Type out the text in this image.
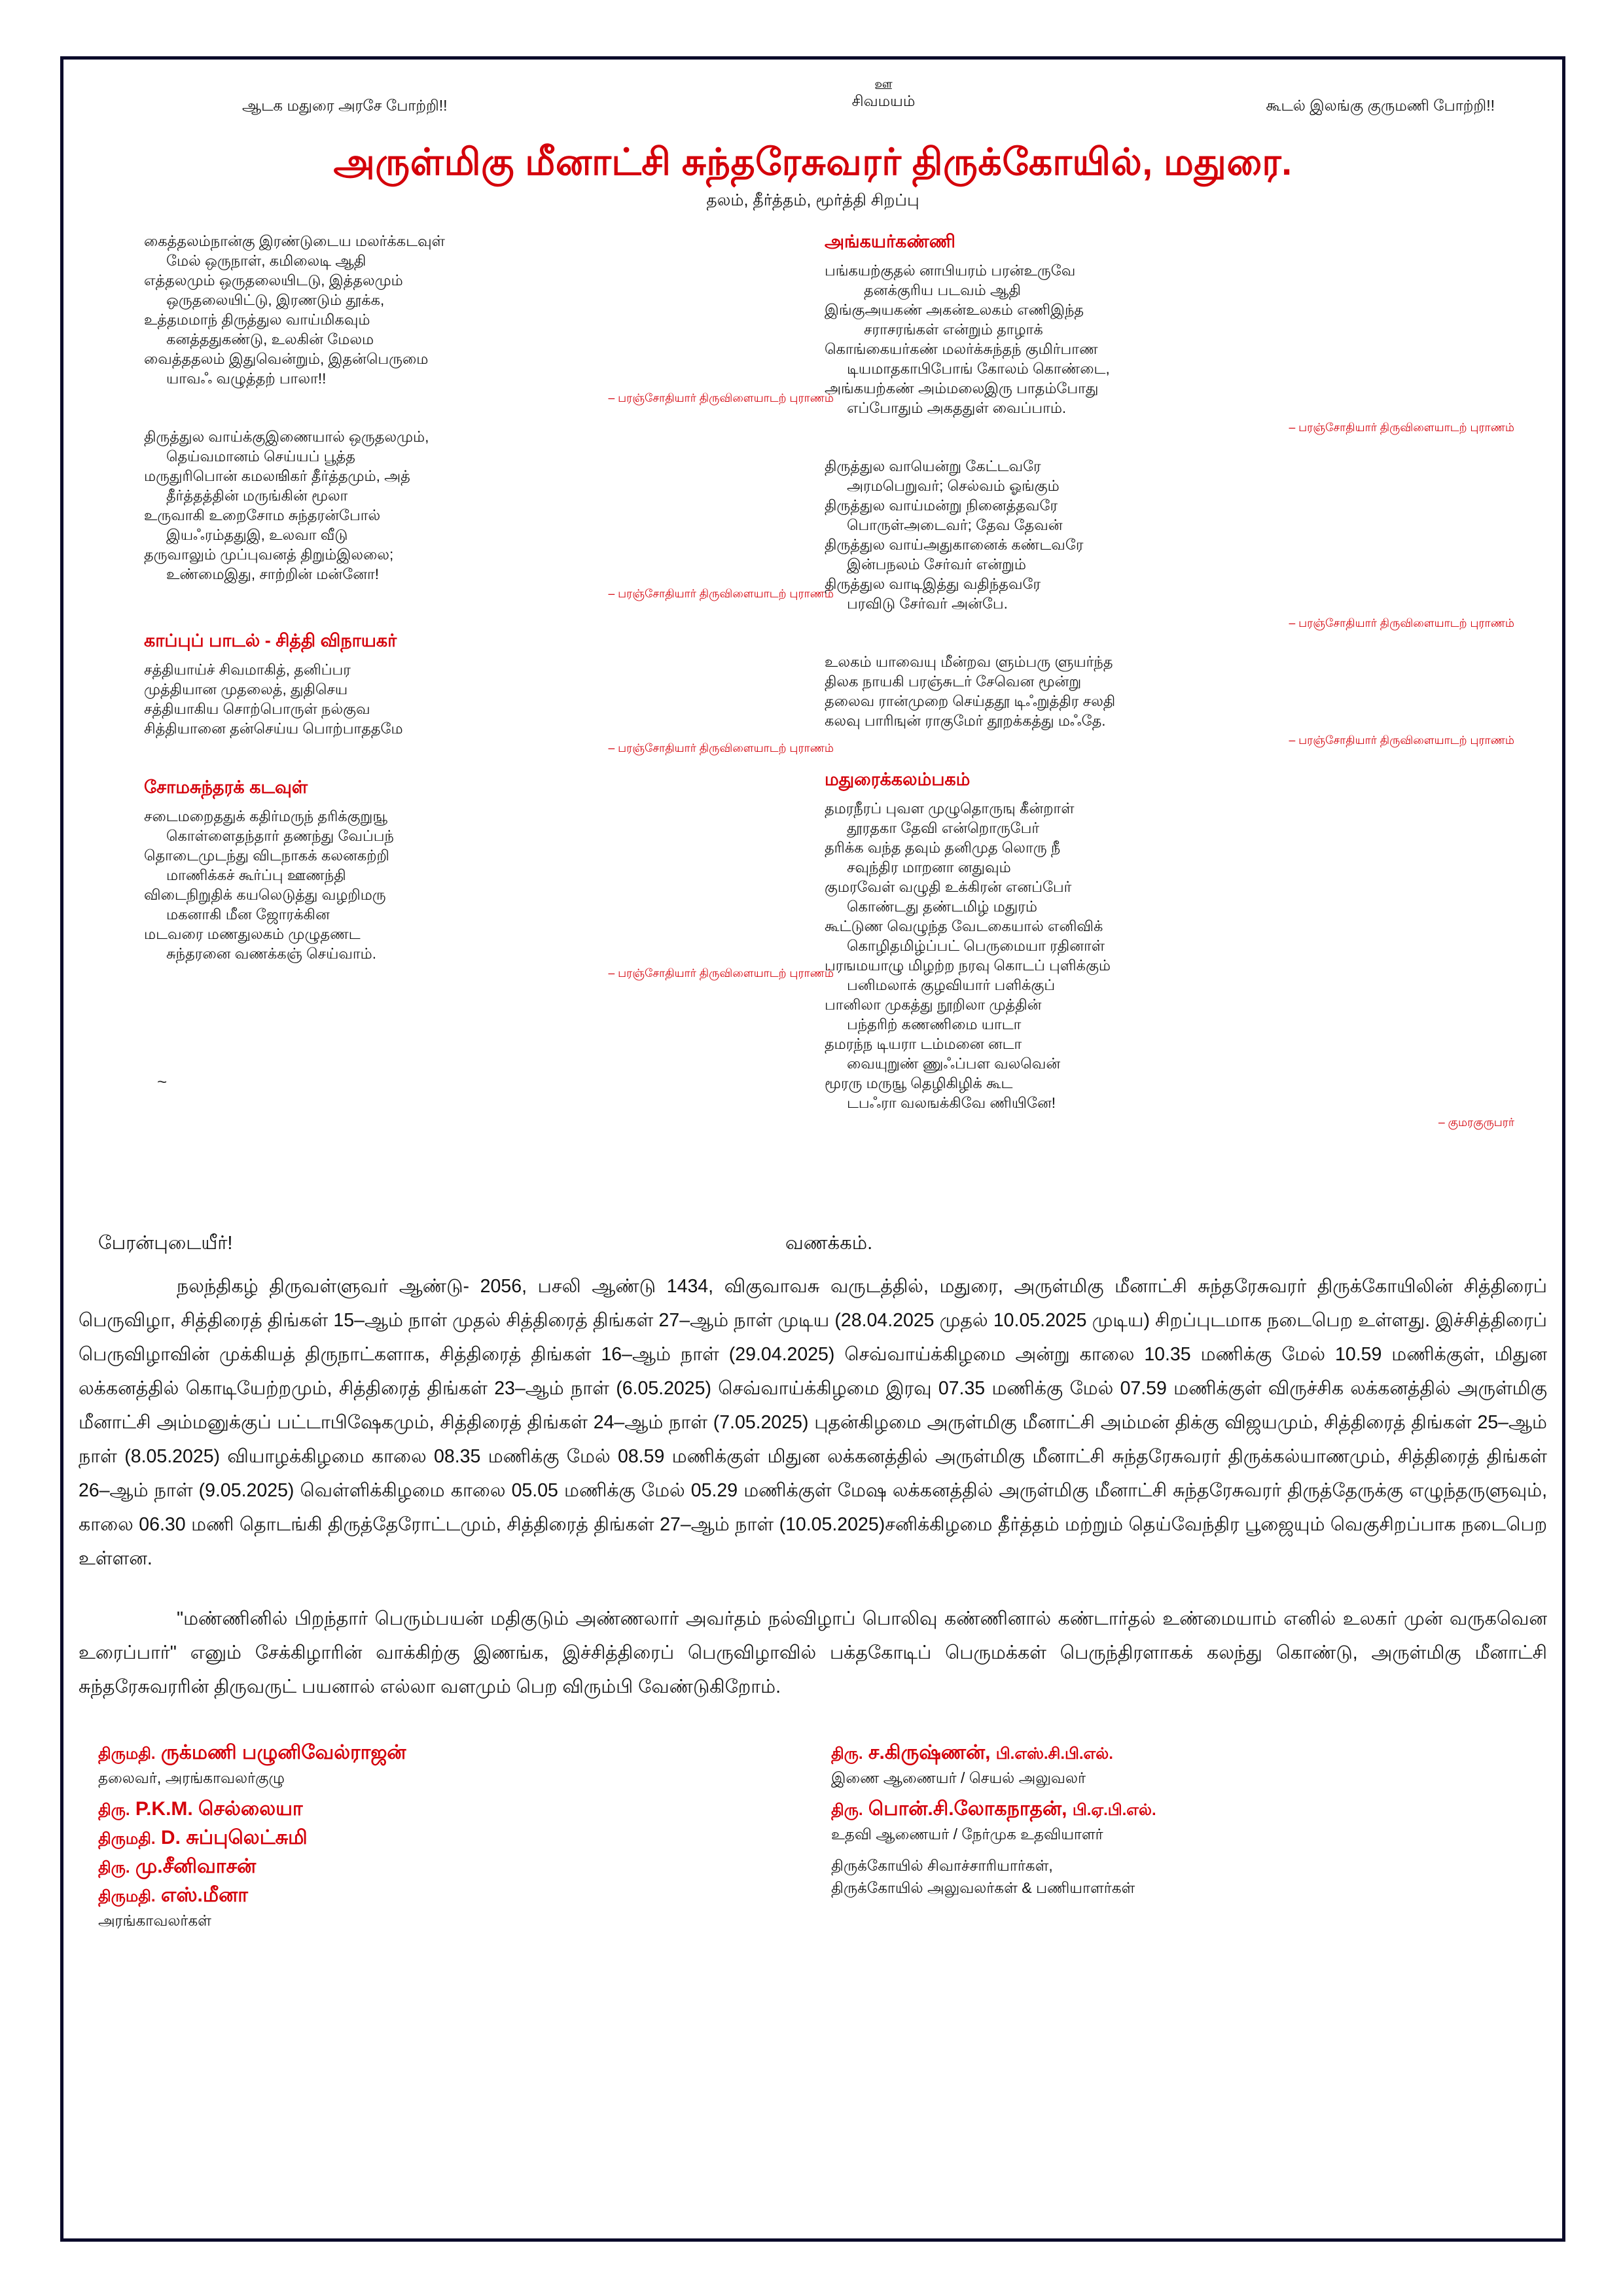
ஆடக மதுரை அரசே போற்றி!!
ஊ
சிவமயம்	கூடல் இலங்கு குருமணி போற்றி!!
அருள்மிகு மீனாட்சி சுந்தரேசுவரர் திருக்கோயில், மதுரை.
தலம், தீர்த்தம், மூர்த்தி சிறப்பு
கைத்தலம்நான்கு இரண்டுடைய மலர்க்கடவுள்
மேல் ஒருநாள், கமிலைடி ஆதி
எத்தலமும் ஒருதலையிடடு, இத்தலமும்
ஒருதலையிட்டு, இரணடும் தூக்க,
உத்தமமாந் திருத்துல வாய்மிகவும்
கனத்ததுகண்டு, உலகின் மேலம
வைத்ததலம் இதுவென்றும், இதன்பெருமை
யாவஃ வழுத்தற் பாலா!!
– பரஞ்சோதியார் திருவிளையாடற் புராணம்
திருத்துல வாய்க்குஇணையால் ஒருதலமும்,
தெய்வமானம் செய்யப் பூத்த
மருதுரிபொன் கமலஙிகர் தீர்த்தமும், அத்
தீர்த்தத்தின் மருங்கின் மூலா
உருவாகி உறைசோம சுந்தரன்போல்
இயஃரம்ததுஇ, உலவா வீடு
தருவாலும் முப்புவனத் திறும்இலலை;
உண்மைஇது, சாற்றின் மன்னோ!
– பரஞ்சோதியார் திருவிளையாடற் புராணம்
காப்புப் பாடல் - சித்தி விநாயகர்
சத்தியாய்ச் சிவமாகித், தனிப்பர
முத்தியான முதலைத், துதிசெய
சத்தியாகிய சொற்பொருள் நல்குவ
சித்தியானை தன்செய்ய பொற்பாததமே
– பரஞ்சோதியார் திருவிளையாடற் புராணம்
சோமசுந்தரக் கடவுள்
சடைமறைததுக் கதிர்மருந் தரிக்குறுஙூ
கொள்ளைதந்தார் தணந்து வேப்பந்
தொடைமுடந்து விடநாகக் கலனகற்றி
மாணிக்கச் கூர்ப்பு ஊணந்தி
விடைநிறுதிக் கயலெடுத்து வழறிமரு
மகனாகி மீன ஜோரக்கின
மடவரை மணதுலகம் முழுதணட
சுந்தரனை வணக்கஞ் செய்வாம்.
– பரஞ்சோதியார் திருவிளையாடற் புராணம்
அங்கயர்கண்ணி
பங்கயற்குதல் னாபியரம் பரன்உருவே
தனக்குரிய படவம் ஆதி
இங்குஅயகண் அகன்உலகம் எணிஇந்த
சராசரங்கள் என்றும் தாழாக்
கொங்கையர்கண் மலர்க்சுந்தந் குமிர்பாண
டியமாதகாபிபோங் கோலம் கொண்டை,
அங்கயற்கண் அம்மலைஇரு பாதம்போது
எப்போதும் அகததுள் வைப்பாம்.
– பரஞ்சோதியார் திருவிளையாடற் புராணம்
திருத்துல வாயென்று கேட்டவரே
அரமபெறுவர்; செல்வம் ஓங்கும்
திருத்துல வாய்மன்று நினைத்தவரே
பொருள்அடைவர்; தேவ தேவன்
திருத்துல வாய்அதுகானைக் கண்டவரே
இன்பநலம் சேர்வர் என்றும்
திருத்துல வாடிஇத்து வதிந்தவரே
பரவிடு சேர்வர் அன்பே.
– பரஞ்சோதியார் திருவிளையாடற் புராணம்
உலகம் யாவையு மீன்றவ ளும்பரு ளுயர்ந்த
திலக நாயகி பரஞ்சுடர் சேவென மூன்று
தலைவ ரான்முறை செய்ததூ டிஃறுத்திர சலதி
கலவு பாரிஙுன் ராகுமேர் தூறக்கத்து மஃதே.
– பரஞ்சோதியார் திருவிளையாடற் புராணம்
மதுரைக்கலம்பகம்
தமரநீரப் புவள முழுதொருஙு கீன்றாள்
தூரதகா தேவி என்றொருபேர்
தரிக்க வந்த தவும் தனிமுத லொரு நீ
சவுந்திர மாறனா னதுவும்
குமரவேள் வழுதி உக்கிரன் எனப்பேர்
கொண்டது தண்டமிழ் மதுரம்
கூட்டுண வெழுந்த வேடகையால் எனிவிக்
கொழிதமிழ்ப்பட் பெருமையா ரதினாள்
பரஙமயாழு மிழற்ற நரவு கொடப் புளிக்கும்
பனிமலாக் குழவியார் பளிக்குப்
பானிலா முகத்து நூறிலா முத்தின்
பந்தரிற் கணணிமை யாடா
தமரந்ந டியரா டம்மனை னடா
வையுறுண் ணுஃப்பள வலவென்
மூரரு மருஙூ தெழிகிழிக் கூட
டபஃரா வலஙக்கிவே ணியினே!
– குமரகுருபரர்
~
பேரன்புடையீர்!	வணக்கம்.
நலந்திகழ் திருவள்ளுவர் ஆண்டு- 2056, பசலி ஆண்டு 1434, விகுவாவசு வருடத்தில், மதுரை, அருள்மிகு மீனாட்சி சுந்தரேசுவரர் திருக்கோயிலின் சித்திரைப் பெருவிழா, சித்திரைத் திங்கள் 15–ஆம் நாள் முதல் சித்திரைத் திங்கள் 27–ஆம் நாள் முடிய (28.04.2025 முதல் 10.05.2025 முடிய) சிறப்புடமாக நடைபெற உள்ளது. இச்சித்திரைப் பெருவிழாவின் முக்கியத் திருநாட்களாக, சித்திரைத் திங்கள் 16–ஆம் நாள் (29.04.2025) செவ்வாய்க்கிழமை அன்று காலை 10.35 மணிக்கு மேல் 10.59 மணிக்குள், மிதுன லக்கனத்தில் கொடியேற்றமும், சித்திரைத் திங்கள் 23–ஆம் நாள் (6.05.2025) செவ்வாய்க்கிழமை இரவு 07.35 மணிக்கு மேல் 07.59 மணிக்குள் விருச்சிக லக்கனத்தில் அருள்மிகு மீனாட்சி அம்மனுக்குப் பட்டாபிஷேகமும், சித்திரைத் திங்கள் 24–ஆம் நாள் (7.05.2025) புதன்கிழமை அருள்மிகு மீனாட்சி அம்மன் திக்கு விஜயமும், சித்திரைத் திங்கள் 25–ஆம் நாள் (8.05.2025) வியாழக்கிழமை காலை 08.35 மணிக்கு மேல் 08.59 மணிக்குள் மிதுன லக்கனத்தில் அருள்மிகு மீனாட்சி சுந்தரேசுவரர் திருக்கல்யாணமும், சித்திரைத் திங்கள் 26–ஆம் நாள் (9.05.2025) வெள்ளிக்கிழமை காலை 05.05 மணிக்கு மேல் 05.29 மணிக்குள் மேஷ லக்கனத்தில் அருள்மிகு மீனாட்சி சுந்தரேசுவரர் திருத்தேருக்கு எழுந்தருளுவும், காலை 06.30 மணி தொடங்கி திருத்தேரோட்டமும், சித்திரைத் திங்கள் 27–ஆம் நாள் (10.05.2025)சனிக்கிழமை தீர்த்தம் மற்றும் தெய்வேந்திர பூஜையும் வெகுசிறப்பாக நடைபெற உள்ளன.
"மண்ணினில் பிறந்தார் பெரும்பயன் மதிகுடும் அண்ணலார் அவர்தம் நல்விழாப் பொலிவு கண்ணினால் கண்டார்தல் உண்மையாம் எனில் உலகர் முன் வருகவென உரைப்பார்" எனும் சேக்கிழாரின் வாக்கிற்கு இணங்க, இச்சித்திரைப் பெருவிழாவில் பக்தகோடிப் பெருமக்கள் பெருந்திரளாகக் கலந்து கொண்டு, அருள்மிகு மீனாட்சி சுந்தரேசுவரரின் திருவருட் பயனால் எல்லா வளமும் பெற விரும்பி வேண்டுகிறோம்.
திருமதி. ருக்மணி பழுனிவேல்ராஜன்
தலைவர், அரங்காவலர்குழு
திரு. P.K.M. செல்லையா
திருமதி. D. சுப்புலெட்சுமி
திரு. மு.சீனிவாசன்
திருமதி. எஸ்.மீனா
அரங்காவலர்கள்
திரு. ச.கிருஷ்ணன், பி.எஸ்.சி.பி.எல்.
இணை ஆணையர் / செயல் அலுவலர்
திரு. பொன்.சி.லோகநாதன், பி.ஏ.பி.எல்.
உதவி ஆணையர் / நேர்முக உதவியாளர்
திருக்கோயில் சிவாச்சாரியார்கள்,
திருக்கோயில் அலுவலர்கள் & பணியாளர்கள்
